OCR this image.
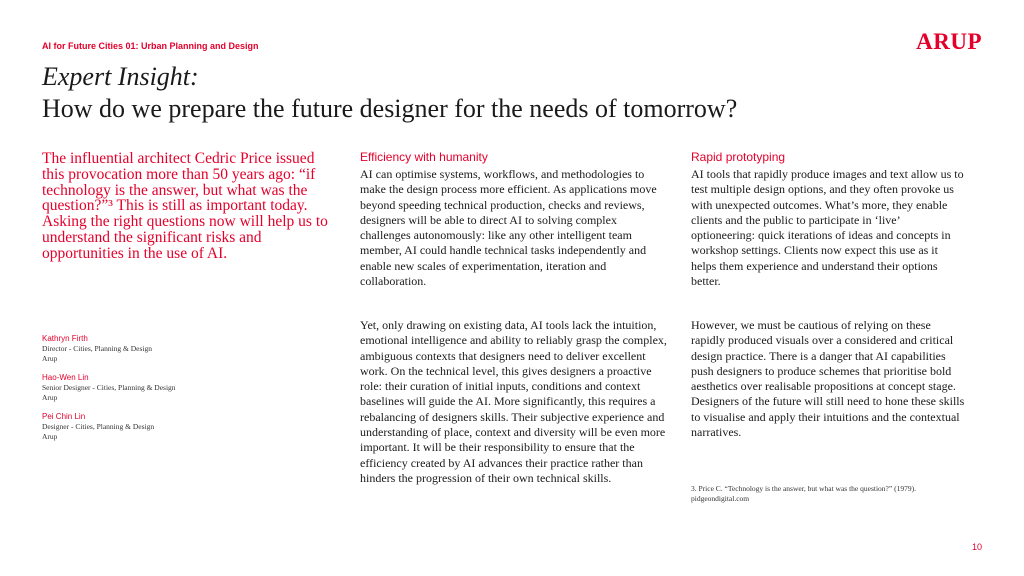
AI for Future Cities 01: Urban Planning and Design	ARUP
Expert Insight:
How do we prepare the future designer for the needs of tomorrow?

The influential architect Cedric Price issued this provocation more than 50 years ago: “if technology is the answer, but what was the question?”³ This is still as important today. Asking the right questions now will help us to understand the significant risks and opportunities in the use of AI.

Kathryn Firth
Director - Cities, Planning & Design
Arup
Hao-Wen Lin
Senior Designer - Cities, Planning & Design
Arup
Pei Chin Lin
Designer - Cities, Planning & Design
Arup
Efficiency with humanity

AI can optimise systems, workflows, and methodologies to make the design process more efficient. As applications move beyond speeding technical production, checks and reviews, designers will be able to direct AI to solving complex challenges autonomously: like any other intelligent team member, AI could handle technical tasks independently and enable new scales of experimentation, iteration and collaboration.

Yet, only drawing on existing data, AI tools lack the intuition, emotional intelligence and ability to reliably grasp the complex, ambiguous contexts that designers need to deliver excellent work. On the technical level, this gives designers a proactive role: their curation of initial inputs, conditions and context baselines will guide the AI. More significantly, this requires a rebalancing of designers skills. Their subjective experience and understanding of place, context and diversity will be even more important. It will be their responsibility to ensure that the efficiency created by AI advances their practice rather than hinders the progression of their own technical skills.

Rapid prototyping

AI tools that rapidly produce images and text allow us to test multiple design options, and they often provoke us with unexpected outcomes. What’s more, they enable clients and the public to participate in ‘live’ optioneering: quick iterations of ideas and concepts in workshop settings. Clients now expect this use as it helps them experience and understand their options better.

However, we must be cautious of relying on these rapidly produced visuals over a considered and critical design practice. There is a danger that AI capabilities push designers to produce schemes that prioritise bold aesthetics over realisable propositions at concept stage. Designers of the future will still need to hone these skills to visualise and apply their intuitions and the contextual narratives.

3. Price C. “Technology is the answer, but what was the question?” (1979).
pidgeondigital.com
10
